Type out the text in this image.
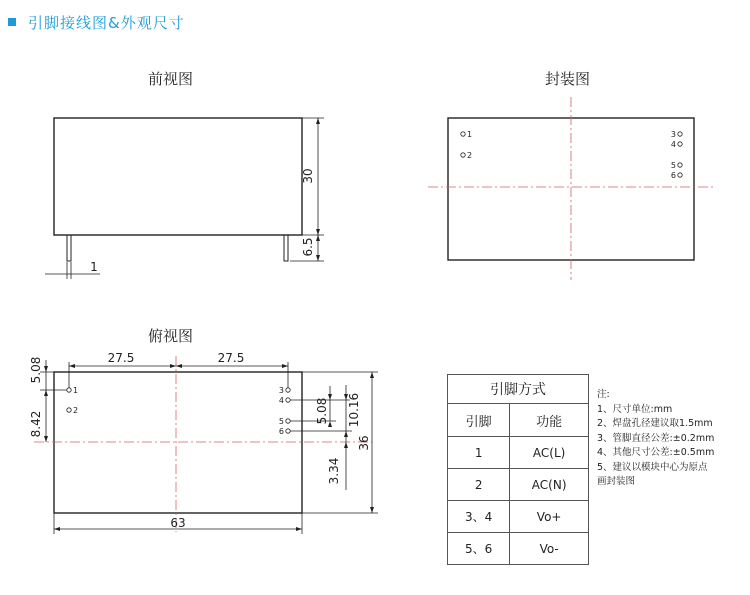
引脚接线图&外观尺寸
前视图	封装图
俯视图
30
6.5
1
1
2
3
4
5
6
27.5	27.5
63
5.08
8.42	5.08 10.16
3.34
36
1
2
3
4
5
6
引脚方式	
引脚	功能
1	AC(L)
2	AC(N)
3、4	Vo+
5、6	Vo-
注:
1、尺寸单位:mm
2、焊盘孔径建议取1.5mm
3、管脚直径公差:±0.2mm
4、其他尺寸公差:±0.5mm
5、建议以模块中心为原点
画封装图
